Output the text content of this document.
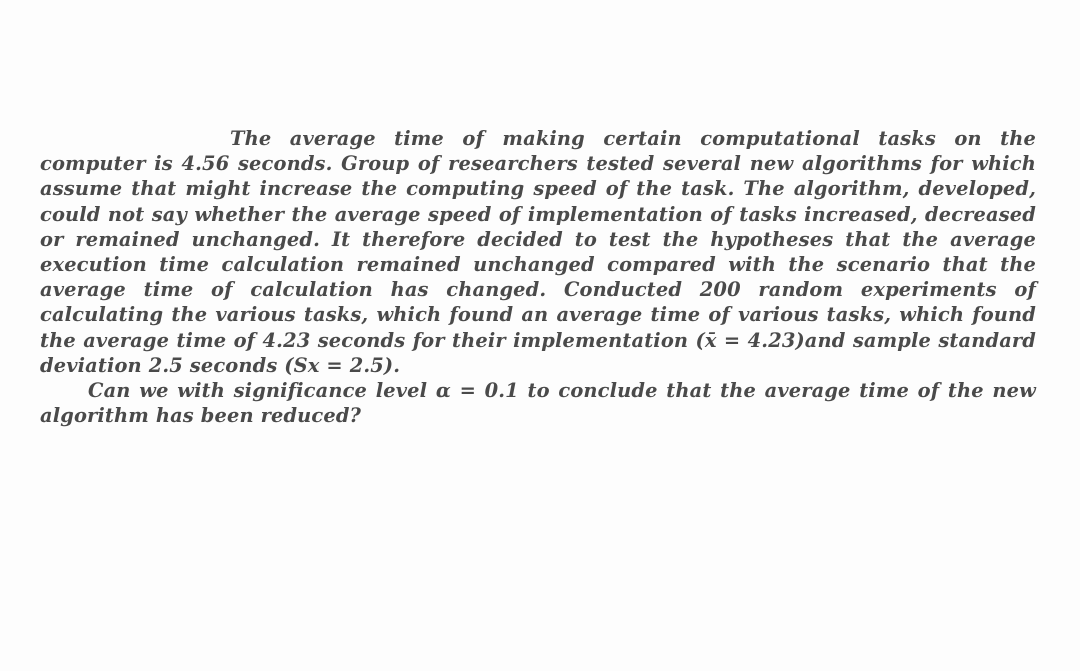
The average time of making certain computational tasks on the computer is 4.56 seconds. Group of researchers tested several new algorithms for which assume that might increase the computing speed of the task. The algorithm, developed, could not say whether the average speed of implementation of tasks increased, decreased or remained unchanged. It therefore decided to test the hypotheses that the average execution time calculation remained unchanged compared with the scenario that the average time of calculation has changed. Conducted 200 random experiments of calculating the various tasks, which found an average time of various tasks, which found the average time of 4.23 seconds for their implementation (x̄ = 4.23)and sample standard deviation 2.5 seconds (Sx = 2.5).

Can we with significance level α = 0.1 to conclude that the average time of the new algorithm has been reduced?
